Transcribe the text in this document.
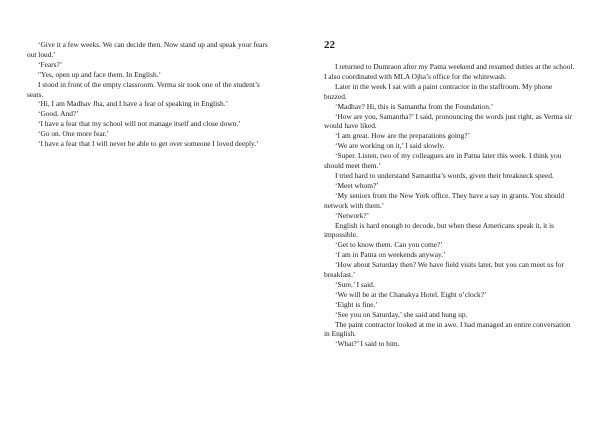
‘Give it a few weeks. We can decide then. Now stand up and speak your fears out loud.’

‘Fears?’

"Yes, open up and face them. In English.’

I stood in front of the empty classroom. Verma sir took one of the student’s seats.

‘Hi, I am Madhav Jha, and I have a fear of speaking in English.’

‘Good. And?’

‘I have a fear that my school will not manage itself and close down.’

‘Go on. One more fear.’

‘I have a fear that I will never be able to get over someone I loved deeply.’

22

I returned to Dumraon after my Patna weekend and resumed duties at the school. I also coordinated with MLA Ojha’s office for the whitewash.

Later in the week I sat with a paint contractor in the staffroom. My phone buzzed.

‘Madhav? Hi, this is Samantha from the Foundation.’

‘How are you, Samantha?’ I said, pronouncing the words just right, as Verma sir would have liked.

‘I am great. How are the preparations going?’

‘We are working on it,’ I said slowly.

‘Super. Listen, two of my colleagues are in Patna later this week. I think you should meet them.’

I tried hard to understand Samantha’s words, given their breakneck speed.

‘Meet whom?’

‘My seniors from the New York office. They have a say in grants. You should network with them.’

‘Network?’

English is hard enough to decode, but when these Americans speak it, it is impossible.

‘Get to know them. Can you come?’

‘I am in Patna on weekends anyway.’

‘How about Saturday then? We have field visits later, but you can meet us for breakfast.’

‘Sure,’ I said.

‘We will be at the Chanakya Hotel. Eight o’clock?’

‘Eight is fine.’

‘See you on Saturday,’ she said and hung up.

The paint contractor looked at me in awe. I had managed an entire conversation in English.

‘What?’ I said to him.
